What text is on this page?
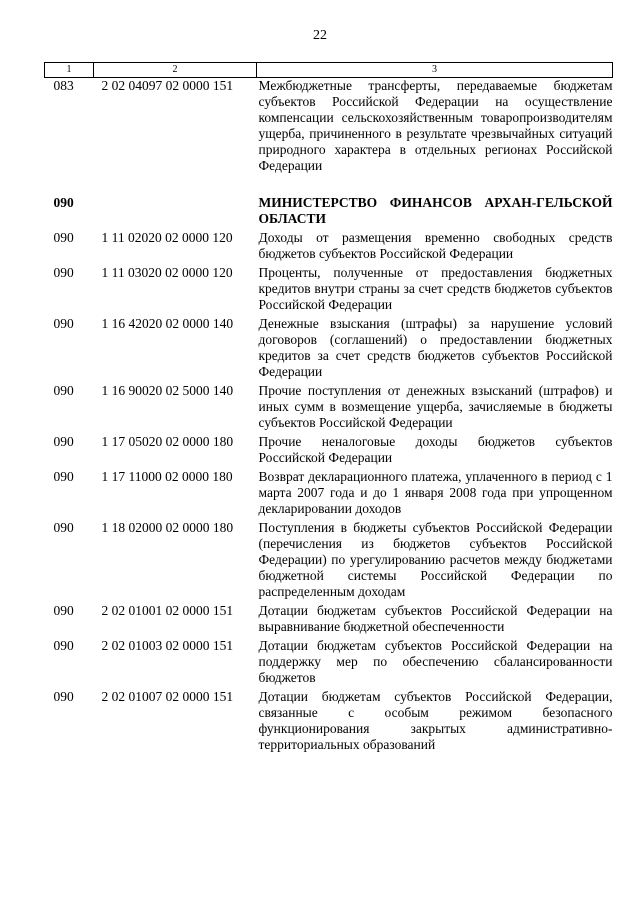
22
1	2	3
083	2 02 04097 02 0000 151	Межбюджетные трансферты, передаваемые бюджетам субъектов Российской Федерации на осуществление компенсации сельскохозяйственным товаропроизводителям ущерба, причиненного в результате чрезвычайных ситуаций природного характера в отдельных регионах Российской Федерации

090		МИНИСТЕРСТВО ФИНАНСОВ АРХАН-ГЕЛЬСКОЙ ОБЛАСТИ
090	1 11 02020 02 0000 120	Доходы от размещения временно свободных средств бюджетов субъектов Российской Федерации
090	1 11 03020 02 0000 120	Проценты, полученные от предоставления бюджетных кредитов внутри страны за счет средств бюджетов субъектов Российской Федерации
090	1 16 42020 02 0000 140	Денежные взыскания (штрафы) за нарушение условий договоров (соглашений) о предоставлении бюджетных кредитов за счет средств бюджетов субъектов Российской Федерации
090	1 16 90020 02 5000 140	Прочие поступления от денежных взысканий (штрафов) и иных сумм в возмещение ущерба, зачисляемые в бюджеты субъектов Российской Федерации
090	1 17 05020 02 0000 180	Прочие неналоговые доходы бюджетов субъектов Российской Федерации
090	1 17 11000 02 0000 180	Возврат декларационного платежа, уплаченного в период с 1 марта 2007 года и до 1 января 2008 года при упрощенном декларировании доходов
090	1 18 02000 02 0000 180	Поступления в бюджеты субъектов Российской Федерации (перечисления из бюджетов субъектов Российской Федерации) по урегулированию расчетов между бюджетами бюджетной системы Российской Федерации по распределенным доходам
090	2 02 01001 02 0000 151	Дотации бюджетам субъектов Российской Федерации на выравнивание бюджетной обеспеченности
090	2 02 01003 02 0000 151	Дотации бюджетам субъектов Российской Федерации на поддержку мер по обеспечению сбалансированности бюджетов
090	2 02 01007 02 0000 151	Дотации бюджетам субъектов Российской Федерации, связанные с особым режимом безопасного функционирования закрытых административно-территориальных образований
